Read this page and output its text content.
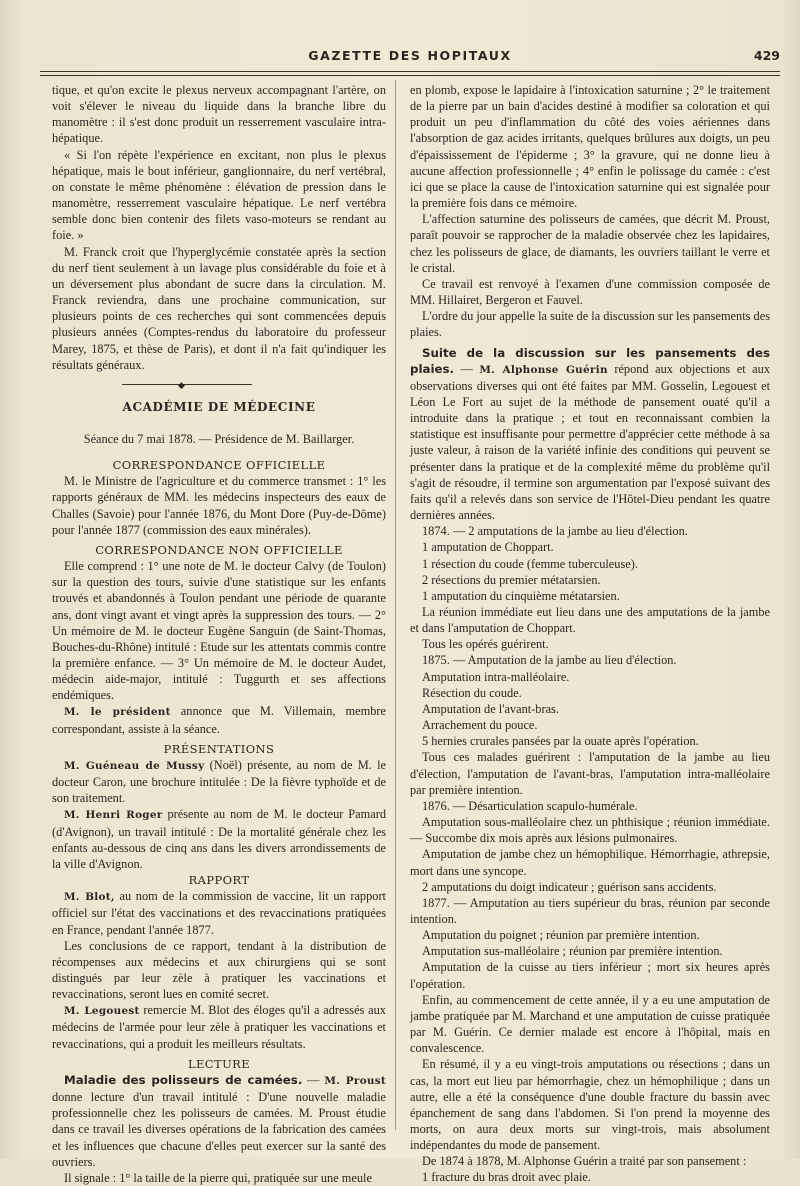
GAZETTE DES HOPITAUX	429

tique, et qu'on excite le plexus nerveux accompagnant l'artère, on voit s'élever le niveau du liquide dans la branche libre du manomètre : il s'est donc produit un resserrement vasculaire intra-hépatique.

« Si l'on répète l'expérience en excitant, non plus le plexus hépatique, mais le bout inférieur, ganglionnaire, du nerf vertébral, on constate le même phénomène : élévation de pression dans le manomètre, resserrement vasculaire hépatique. Le nerf vertébra semble donc bien contenir des filets vaso-moteurs se rendant au foie. »

M. Franck croit que l'hyperglycémie constatée après la section du nerf tient seulement à un lavage plus considérable du foie et à un déversement plus abondant de sucre dans la circulation. M. Franck reviendra, dans une prochaine communication, sur plusieurs points de ces recherches qui sont commencées depuis plusieurs années (Comptes-rendus du laboratoire du professeur Marey, 1875, et thèse de Paris), et dont il n'a fait qu'indiquer les résultats généraux.

◆

ACADÉMIE DE MÉDECINE

Séance du 7 mai 1878. — Présidence de M. Baillarger.

CORRESPONDANCE OFFICIELLE

M. le Ministre de l'agriculture et du commerce transmet : 1° les rapports généraux de MM. les médecins inspecteurs des eaux de Challes (Savoie) pour l'année 1876, du Mont Dore (Puy-de-Dôme) pour l'année 1877 (commission des eaux minérales).

CORRESPONDANCE NON OFFICIELLE

Elle comprend : 1° une note de M. le docteur Calvy (de Toulon) sur la question des tours, suivie d'une statistique sur les enfants trouvés et abandonnés à Toulon pendant une période de quarante ans, dont vingt avant et vingt après la suppression des tours. — 2° Un mémoire de M. le docteur Eugène Sanguin (de Saint-Thomas, Bouches-du-Rhône) intitulé : Etude sur les attentats commis contre la première enfance. — 3° Un mémoire de M. le docteur Audet, médecin aide-major, intitulé : Tuggurth et ses affections endémiques.

M. le président annonce que M. Villemain, membre correspondant, assiste à la séance.

PRÉSENTATIONS

M. Guéneau de Mussy (Noël) présente, au nom de M. le docteur Caron, une brochure intitulée : De la fièvre typhoïde et de son traitement.

M. Henri Roger présente au nom de M. le docteur Pamard (d'Avignon), un travail intitulé : De la mortalité générale chez les enfants au-dessous de cinq ans dans les divers arrondissements de la ville d'Avignon.

RAPPORT

M. Blot, au nom de la commission de vaccine, lit un rapport officiel sur l'état des vaccinations et des revaccinations pratiquées en France, pendant l'année 1877.

Les conclusions de ce rapport, tendant à la distribution de récompenses aux médecins et aux chirurgiens qui se sont distingués par leur zèle à pratiquer les vaccinations et revaccinations, seront lues en comité secret.

M. Legouest remercie M. Blot des éloges qu'il a adressés aux médecins de l'armée pour leur zèle à pratiquer les vaccinations et revaccinations, qui a produit les meilleurs résultats.

LECTURE

Maladie des polisseurs de camées. — M. Proust donne lecture d'un travail intitulé : D'une nouvelle maladie professionnelle chez les polisseurs de camées. M. Proust étudie dans ce travail les diverses opérations de la fabrication des camées et les influences que chacune d'elles peut exercer sur la santé des ouvriers.

Il signale : 1° la taille de la pierre qui, pratiquée sur une meule

en plomb, expose le lapidaire à l'intoxication saturnine ; 2° le traitement de la pierre par un bain d'acides destiné à modifier sa coloration et qui produit un peu d'inflammation du côté des voies aériennes dans l'absorption de gaz acides irritants, quelques brûlures aux doigts, un peu d'épaississement de l'épiderme ; 3° la gravure, qui ne donne lieu à aucune affection professionnelle ; 4° enfin le polissage du camée : c'est ici que se place la cause de l'intoxication saturnine qui est signalée pour la première fois dans ce mémoire.

L'affection saturnine des polisseurs de camées, que décrit M. Proust, paraît pouvoir se rapprocher de la maladie observée chez les lapidaires, chez les polisseurs de glace, de diamants, les ouvriers taillant le verre et le cristal.

Ce travail est renvoyé à l'examen d'une commission composée de MM. Hillairet, Bergeron et Fauvel.

L'ordre du jour appelle la suite de la discussion sur les pansements des plaies.

Suite de la discussion sur les pansements des plaies. — M. Alphonse Guérin répond aux objections et aux observations diverses qui ont été faites par MM. Gosselin, Legouest et Léon Le Fort au sujet de la méthode de pansement ouaté qu'il a introduite dans la pratique ; et tout en reconnaissant combien la statistique est insuffisante pour permettre d'apprécier cette méthode à sa juste valeur, à raison de la variété infinie des conditions qui peuvent se présenter dans la pratique et de la complexité même du problème qu'il s'agit de résoudre, il termine son argumentation par l'exposé suivant des faits qu'il a relevés dans son service de l'Hôtel-Dieu pendant les quatre dernières années.

1874. — 2 amputations de la jambe au lieu d'élection.

1 amputation de Choppart.

1 résection du coude (femme tuberculeuse).

2 résections du premier métatarsien.

1 amputation du cinquième métatarsien.

La réunion immédiate eut lieu dans une des amputations de la jambe et dans l'amputation de Choppart.

Tous les opérés guérirent.

1875. — Amputation de la jambe au lieu d'élection.

Amputation intra-malléolaire.

Résection du coude.

Amputation de l'avant-bras.

Arrachement du pouce.

5 hernies crurales pansées par la ouate après l'opération.

Tous ces malades guérirent : l'amputation de la jambe au lieu d'élection, l'amputation de l'avant-bras, l'amputation intra-malléolaire par première intention.

1876. — Désarticulation scapulo-humérale.

Amputation sous-malléolaire chez un phthisique ; réunion immédiate. — Succombe dix mois après aux lésions pulmonaires.

Amputation de jambe chez un hémophilique. Hémorrhagie, athrepsie, mort dans une syncope.

2 amputations du doigt indicateur ; guérison sans accidents.

1877. — Amputation au tiers supérieur du bras, réunion par seconde intention.

Amputation du poignet ; réunion par première intention.

Amputation sus-malléolaire ; réunion par première intention.

Amputation de la cuisse au tiers inférieur ; mort six heures après l'opération.

Enfin, au commencement de cette année, il y a eu une amputation de jambe pratiquée par M. Marchand et une amputation de cuisse pratiquée par M. Guérin. Ce dernier malade est encore à l'hôpital, mais en convalescence.

En résumé, il y a eu vingt-trois amputations ou résections ; dans un cas, la mort eut lieu par hémorrhagie, chez un hémophilique ; dans un autre, elle a été la conséquence d'une double fracture du bassin avec épanchement de sang dans l'abdomen. Si l'on prend la moyenne des morts, on aura deux morts sur vingt-trois, mais absolument indépendantes du mode de pansement.

De 1874 à 1878, M. Alphonse Guérin a traité par son pansement :

1 fracture du bras droit avec plaie.
